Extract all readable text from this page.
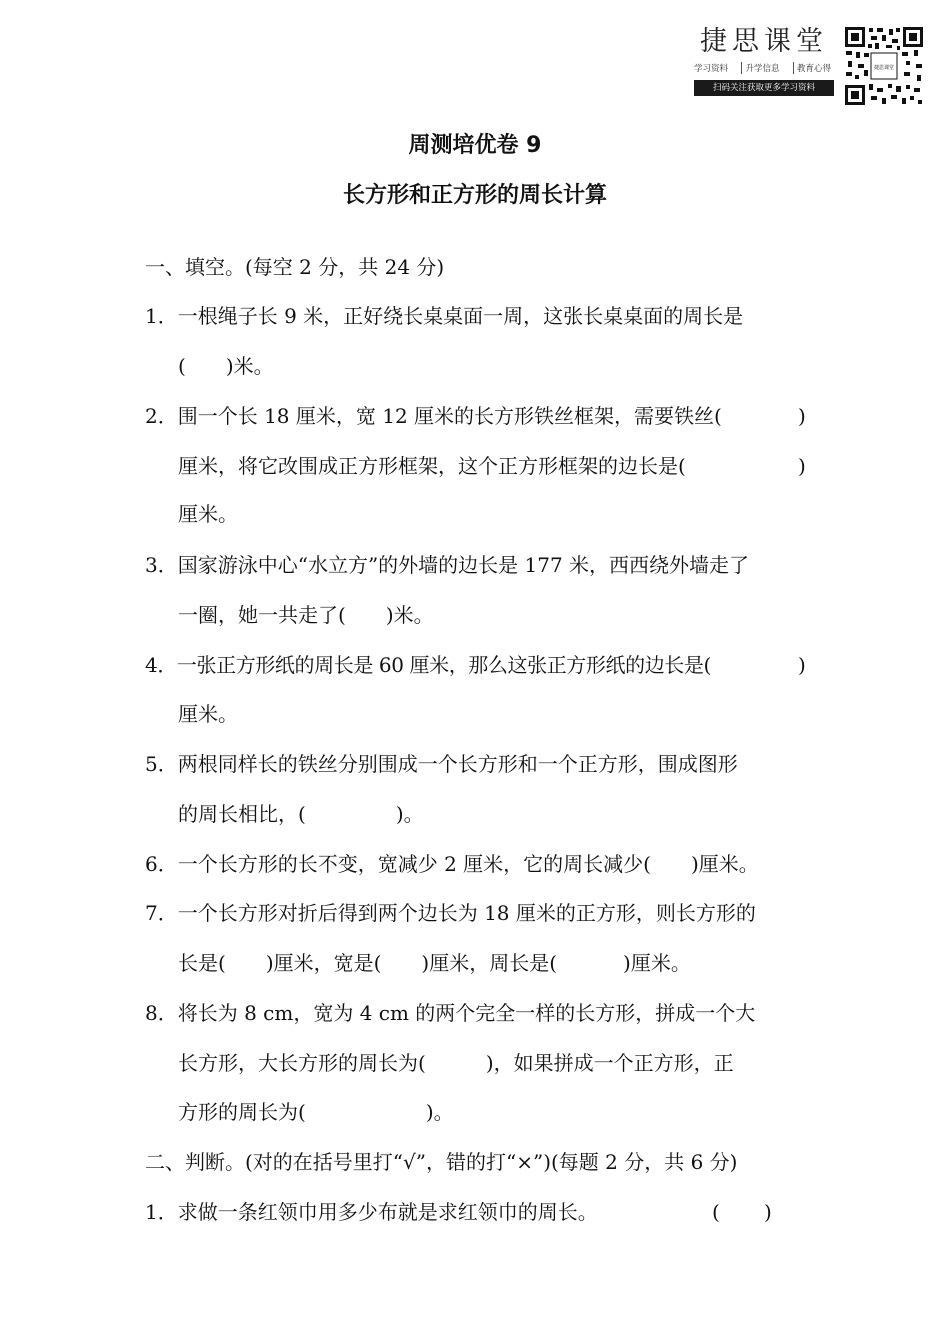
捷思课堂
学习资料	升学信息	教育心得
扫码关注获取更多学习资料
捷思课堂
周测培优卷 9
长方形和正方形的周长计算
一、填空。(每空 2 分，共 24 分)
1．一根绳子长 9 米，正好绕长桌桌面一周，这张长桌桌面的周长是
( )米。
2．围一个长 18 厘米，宽 12 厘米的长方形铁丝框架，需要铁丝(	)
厘米，将它改围成正方形框架，这个正方形框架的边长是(	)
厘米。
3．国家游泳中心“水立方”的外墙的边长是 177 米，西西绕外墙走了
一圈，她一共走了( )米。
4．一张正方形纸的周长是 60 厘米，那么这张正方形纸的边长是(	)
厘米。
5．两根同样长的铁丝分别围成一个长方形和一个正方形，围成图形
的周长相比，(	)。
6．一个长方形的长不变，宽减少 2 厘米，它的周长减少( )厘米。
7．一个长方形对折后得到两个边长为 18 厘米的正方形，则长方形的
长是( )厘米，宽是( )厘米，周长是(	)厘米。
8．将长为 8 cm，宽为 4 cm 的两个完全一样的长方形，拼成一个大
长方形，大长方形的周长为(	)，如果拼成一个正方形，正
方形的周长为(	)。
二、判断。(对的在括号里打“√”，错的打“×”)(每题 2 分，共 6 分)
1．求做一条红领巾用多少布就是求红领巾的周长。	( )
